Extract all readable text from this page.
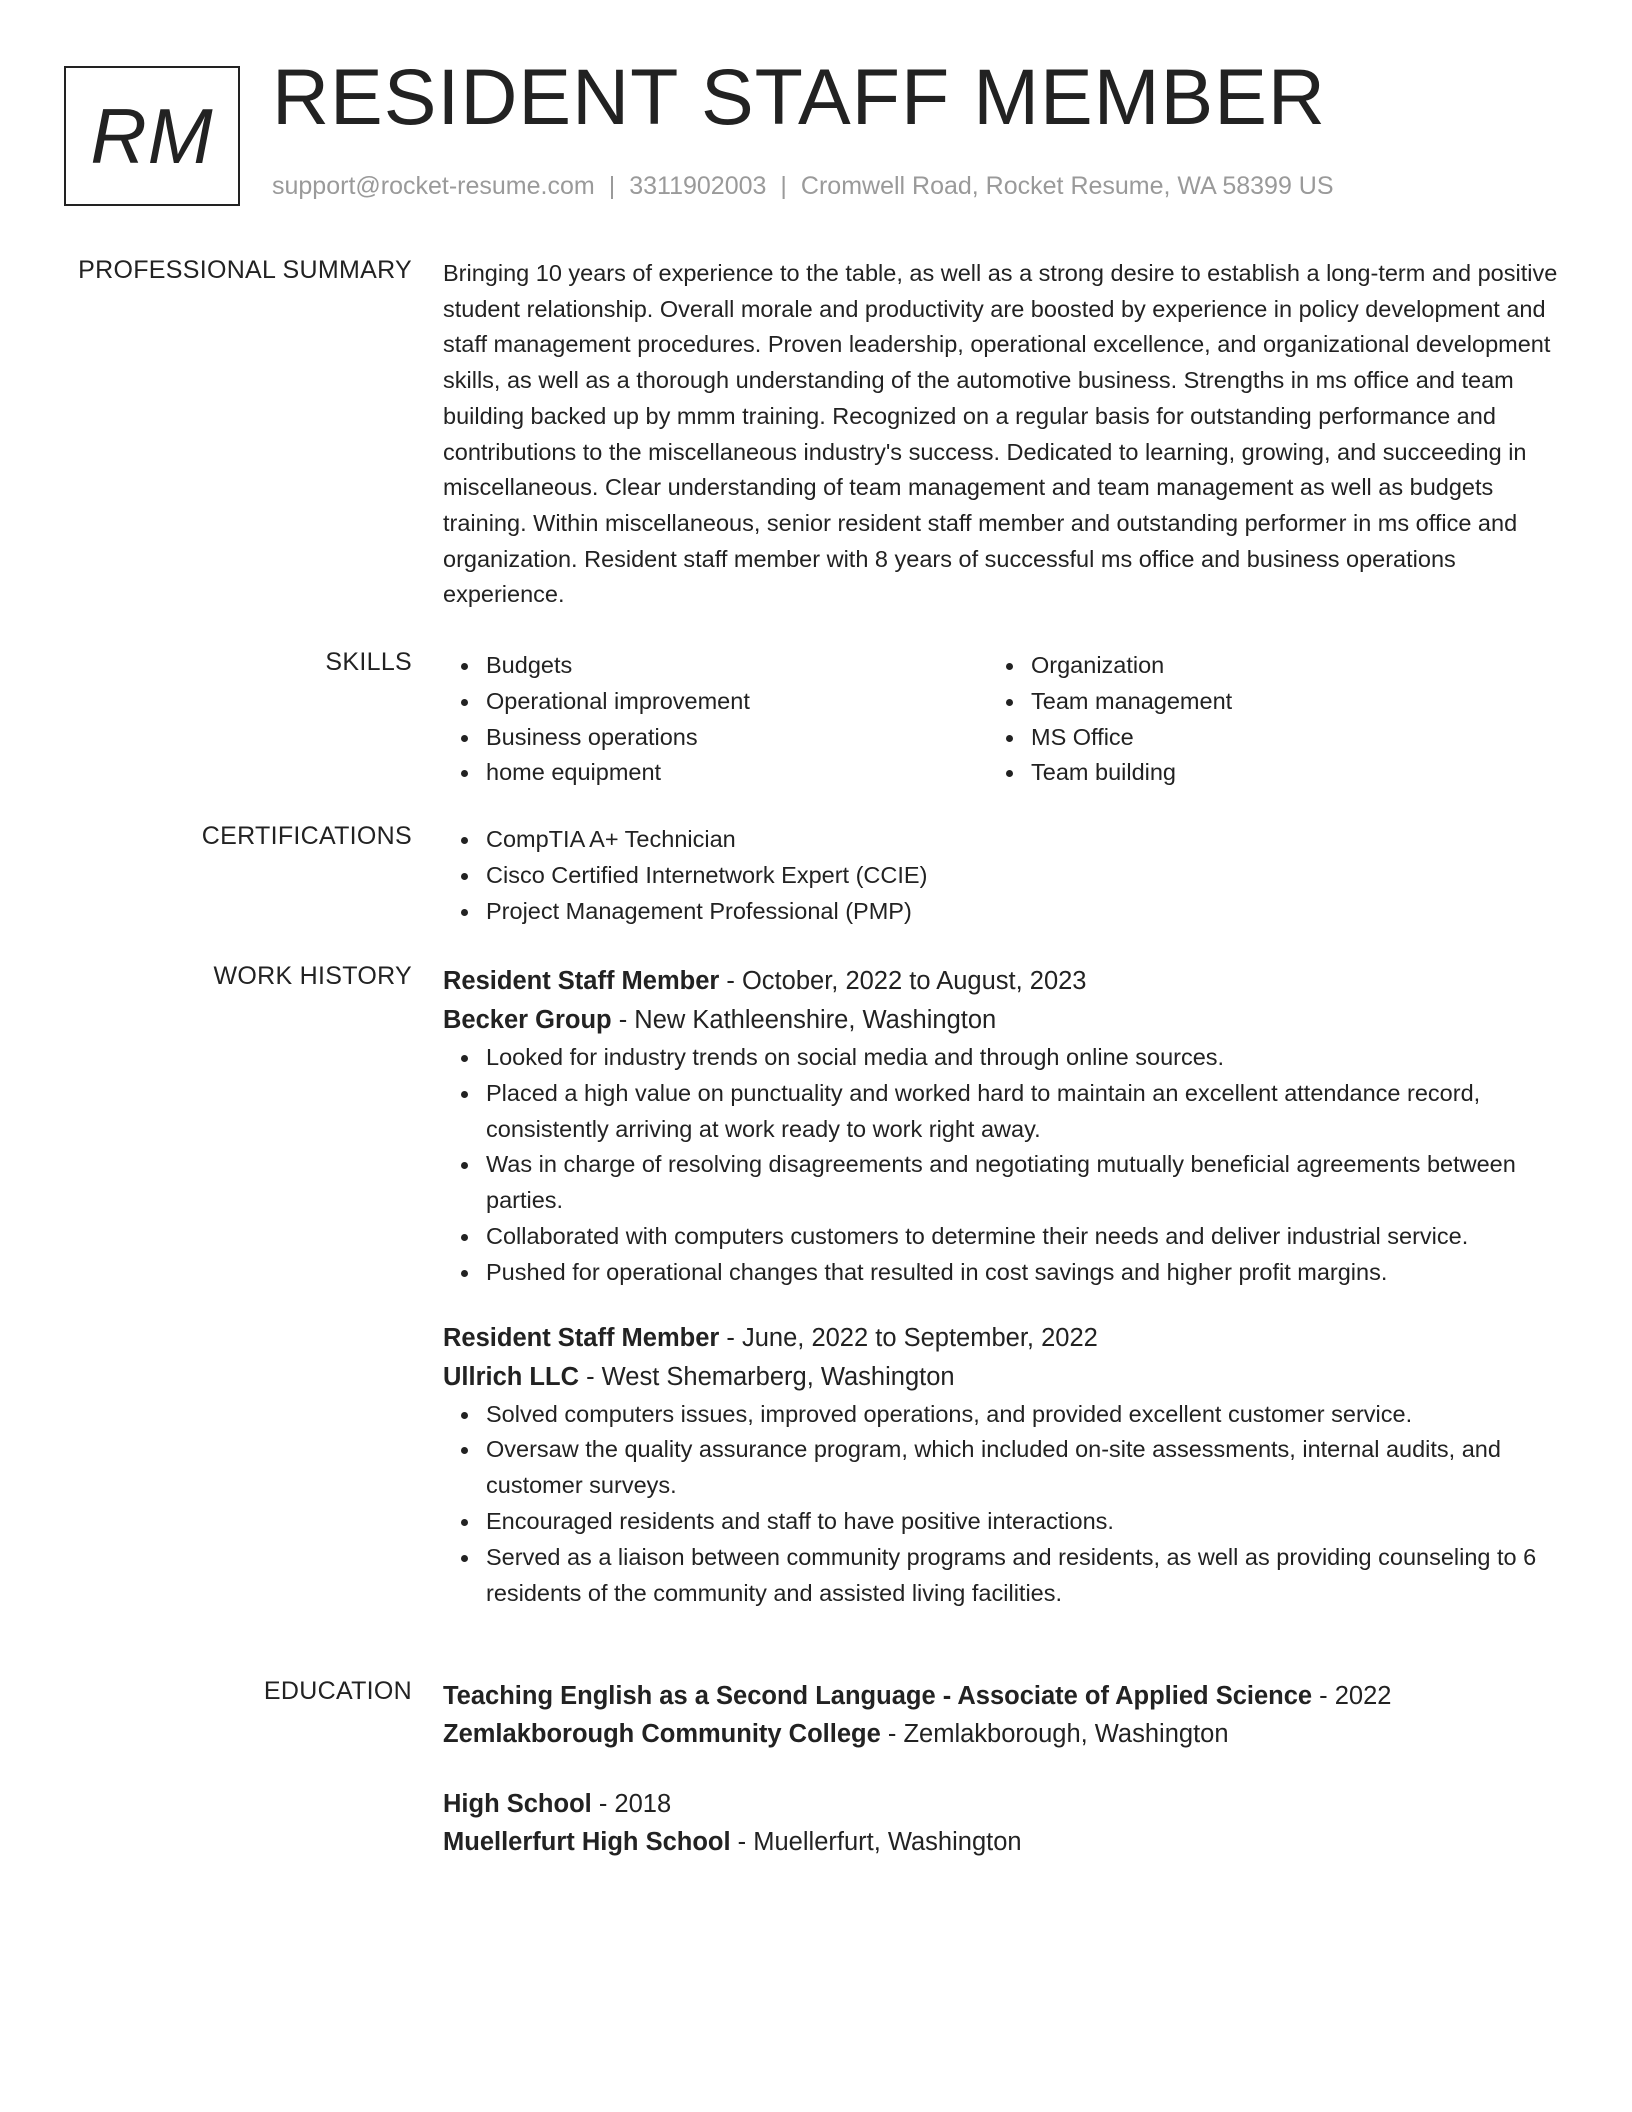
RM RESIDENT STAFF MEMBER
support@rocket-resume.com | 3311902003 | Cromwell Road, Rocket Resume, WA 58399 US
PROFESSIONAL SUMMARY Bringing 10 years of experience to the table, as well as a strong desire to establish a long-term and positive student relationship. Overall morale and productivity are boosted by experience in policy development and staff management procedures. Proven leadership, operational excellence, and organizational development skills, as well as a thorough understanding of the automotive business. Strengths in ms office and team building backed up by mmm training. Recognized on a regular basis for outstanding performance and contributions to the miscellaneous industry's success. Dedicated to learning, growing, and succeeding in miscellaneous. Clear understanding of team management and team management as well as budgets training. Within miscellaneous, senior resident staff member and outstanding performer in ms office and organization. Resident staff member with 8 years of successful ms office and business operations experience.

SKILLS	Budgets
Operational improvement
Business operations
home equipment
Organization
Team management
MS Office
Team building
CERTIFICATIONS	CompTIA A+ Technician
Cisco Certified Internetwork Expert (CCIE)
Project Management Professional (PMP)
WORK HISTORY Resident Staff Member - October, 2022 to August, 2023
Becker Group - New Kathleenshire, Washington
Looked for industry trends on social media and through online sources.
Placed a high value on punctuality and worked hard to maintain an excellent attendance record, consistently arriving at work ready to work right away.
Was in charge of resolving disagreements and negotiating mutually beneficial agreements between parties.
Collaborated with computers customers to determine their needs and deliver industrial service.
Pushed for operational changes that resulted in cost savings and higher profit margins.
Resident Staff Member - June, 2022 to September, 2022
Ullrich LLC - West Shemarberg, Washington
Solved computers issues, improved operations, and provided excellent customer service.
Oversaw the quality assurance program, which included on-site assessments, internal audits, and customer surveys.
Encouraged residents and staff to have positive interactions.
Served as a liaison between community programs and residents, as well as providing counseling to 6 residents of the community and assisted living facilities.
EDUCATION Teaching English as a Second Language - Associate of Applied Science - 2022
Zemlakborough Community College - Zemlakborough, Washington
High School - 2018
Muellerfurt High School - Muellerfurt, Washington
